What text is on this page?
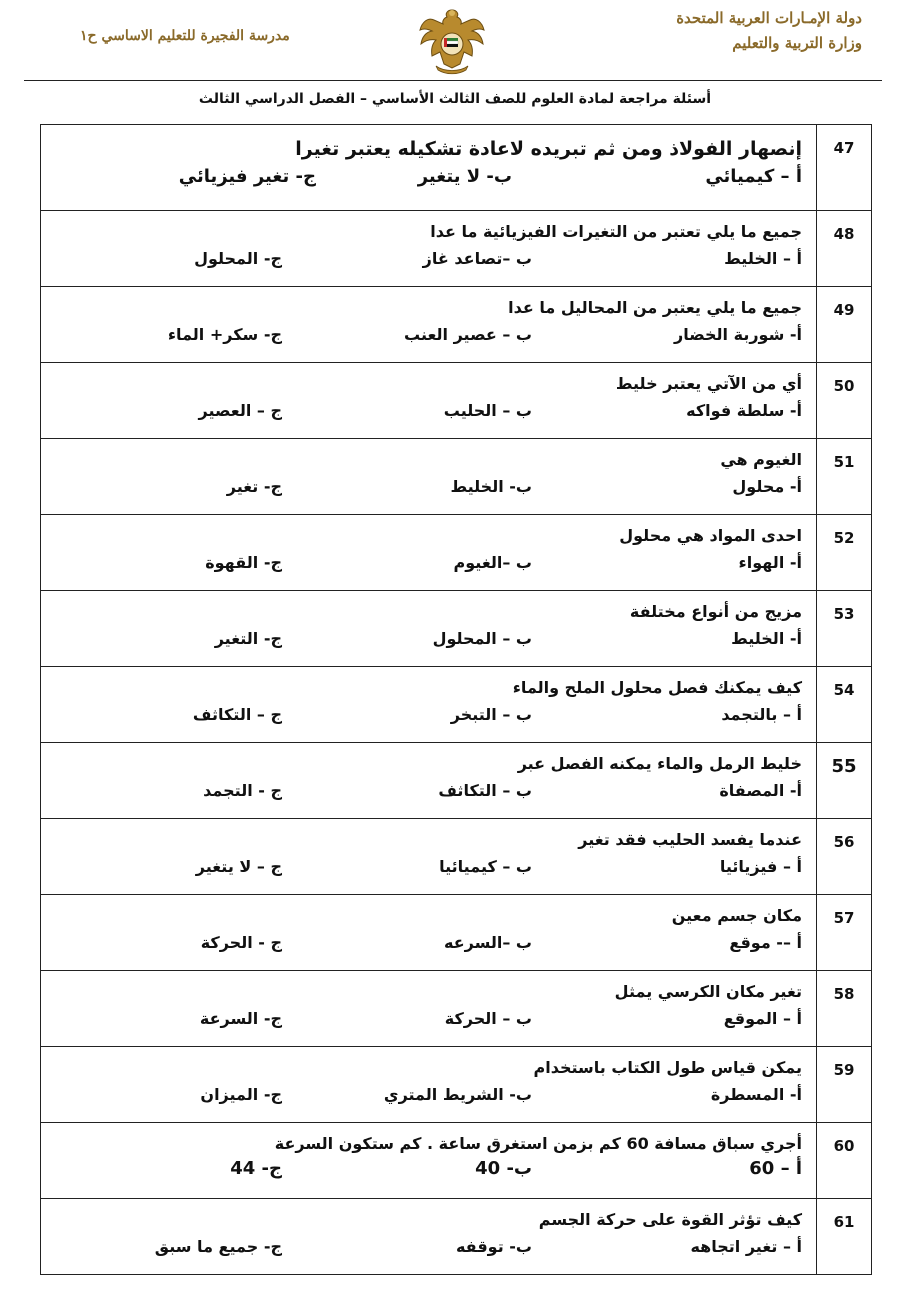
دولة الإمـارات العربية المتحدة
وزارة التربية والتعليم
مدرسة الفجيرة للتعليم الاساسي ح١
أسئلة مراجعة لمادة العلوم للصف الثالث الأساسي – الفصل الدراسي الثالث
47	إنصهار الفولاذ ومن ثم تبريده لاعادة تشكيله يعتبر تغيرا
أ – كيميائي
ب- لا يتغير
ج- تغير فيزيائي

48	جميع ما يلي تعتبر من التغيرات الفيزيائية ما عدا
أ – الخليط
ب –تصاعد غاز
ج- المحلول

49	جميع ما يلي يعتبر من المحاليل ما عدا
أ- شوربة الخضار
ب – عصير العنب
ج- سكر+ الماء

50	أي من الآتي يعتبر خليط
أ- سلطة فواكه
ب – الحليب
ج – العصير

51	الغيوم هي
أ- محلول
ب- الخليط
ج- تغير

52	احدى المواد هي محلول
أ- الهواء
ب –الغيوم
ج- القهوة

53	مزيج من أنواع مختلفة
أ- الخليط
ب – المحلول
ج- التغير

54	كيف يمكنك فصل محلول الملح والماء
أ – بالتجمد
ب – التبخر
ج – التكاثف

55	خليط الرمل والماء يمكنه الفصل عبر
أ- المصفاة
ب – التكاثف
ج - التجمد

56	عندما يفسد الحليب فقد تغير
أ – فيزيائيا
ب – كيميائيا
ج – لا يتغير

57	مكان جسم معين
أ –- موقع
ب –السرعه
ج - الحركة

58	تغير مكان الكرسي يمثل
أ – الموقع
ب – الحركة
ج- السرعة

59	يمكن قياس طول الكتاب باستخدام
أ- المسطرة
ب- الشريط المتري
ج- الميزان

60	أجري سباق مسافة 60 كم بزمن استغرق ساعة . كم ستكون السرعة
أ – 60
ب- 40
ج- 44

61	كيف تؤثر القوة على حركة الجسم
أ – تغير اتجاهه
ب- توقفه
ج- جميع ما سبق
